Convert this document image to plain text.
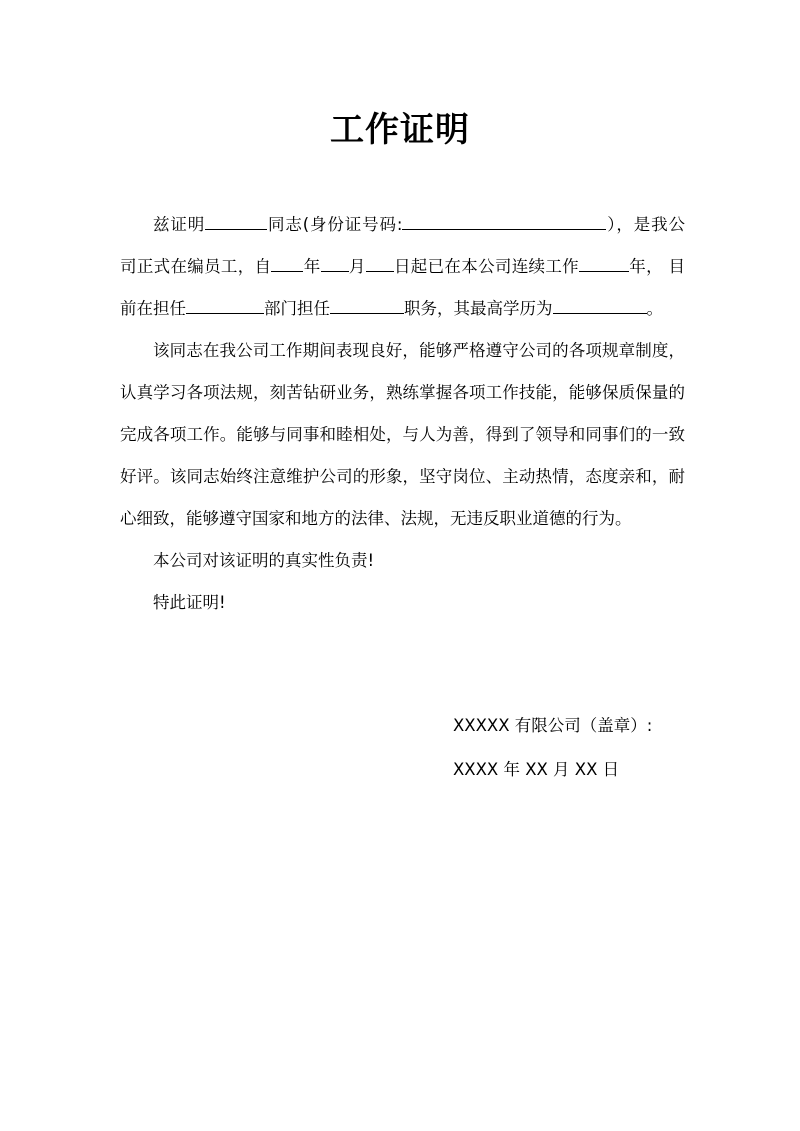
工作证明

兹证明	同志(身份证号码:	），是我公司正式在编员工，自 年 月 日起已在本公司连续工作	年， 目前在担任	部门担任	职务，其最高学历为	。

该同志在我公司工作期间表现良好，能够严格遵守公司的各项规章制度，认真学习各项法规，刻苦钻研业务，熟练掌握各项工作技能，能够保质保量的完成各项工作。能够与同事和睦相处，与人为善，得到了领导和同事们的一致好评。该同志始终注意维护公司的形象，坚守岗位、主动热情，态度亲和，耐心细致，能够遵守国家和地方的法律、法规，无违反职业道德的行为。

本公司对该证明的真实性负责!

特此证明!

XXXXX 有限公司（盖章）:
XXXX 年 XX 月 XX 日
